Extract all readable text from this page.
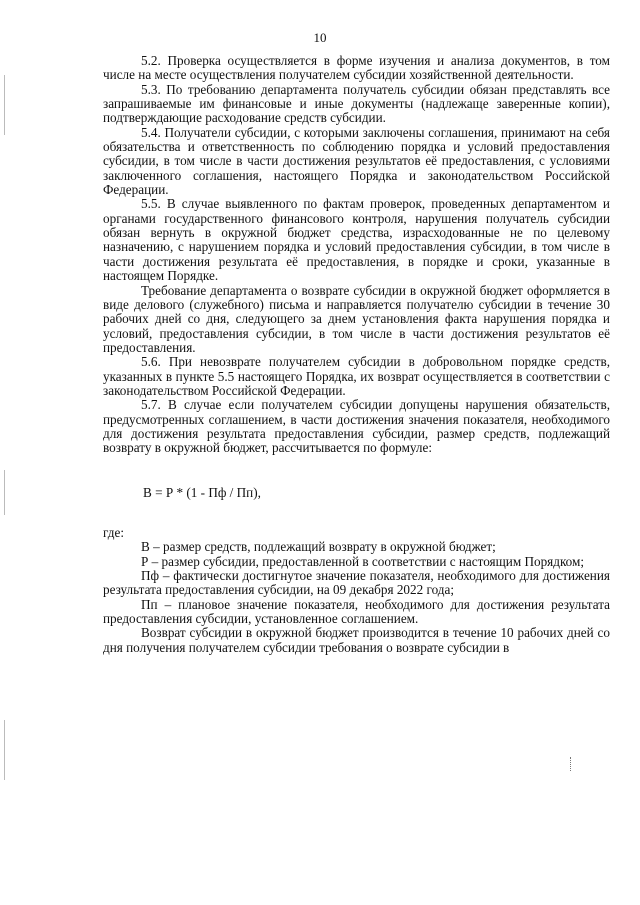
10

5.2. Проверка осуществляется в форме изучения и анализа документов, в том числе на месте осуществления получателем субсидии хозяйственной деятельности.

5.3. По требованию департамента получатель субсидии обязан представлять все запрашиваемые им финансовые и иные документы (надлежаще заверенные копии), подтверждающие расходование средств субсидии.

5.4. Получатели субсидии, с которыми заключены соглашения, принимают на себя обязательства и ответственность по соблюдению порядка и условий предоставления субсидии, в том числе в части достижения результатов её предоставления, с условиями заключенного соглашения, настоящего Порядка и законодательством Российской Федерации.

5.5. В случае выявленного по фактам проверок, проведенных департаментом и органами государственного финансового контроля, нарушения получатель субсидии обязан вернуть в окружной бюджет средства, израсходованные не по целевому назначению, с нарушением порядка и условий предоставления субсидии, в том числе в части достижения результата её предоставления, в порядке и сроки, указанные в настоящем Порядке.

Требование департамента о возврате субсидии в окружной бюджет оформляется в виде делового (служебного) письма и направляется получателю субсидии в течение 30 рабочих дней со дня, следующего за днем установления факта нарушения порядка и условий, предоставления субсидии, в том числе в части достижения результатов её предоставления.

5.6. При невозврате получателем субсидии в добровольном порядке средств, указанных в пункте 5.5 настоящего Порядка, их возврат осуществляется в соответствии с законодательством Российской Федерации.

5.7. В случае если получателем субсидии допущены нарушения обязательств, предусмотренных соглашением, в части достижения значения показателя, необходимого для достижения результата предоставления субсидии, размер средств, подлежащий возврату в окружной бюджет, рассчитывается по формуле:

В = Р * (1 - Пф / Пп),

где:

В – размер средств, подлежащий возврату в окружной бюджет;

Р – размер субсидии, предоставленной в соответствии с настоящим Порядком;

Пф – фактически достигнутое значение показателя, необходимого для достижения результата предоставления субсидии, на 09 декабря 2022 года;

Пп – плановое значение показателя, необходимого для достижения результата предоставления субсидии, установленное соглашением.

Возврат субсидии в окружной бюджет производится в течение 10 рабочих дней со дня получения получателем субсидии требования о возврате субсидии в
